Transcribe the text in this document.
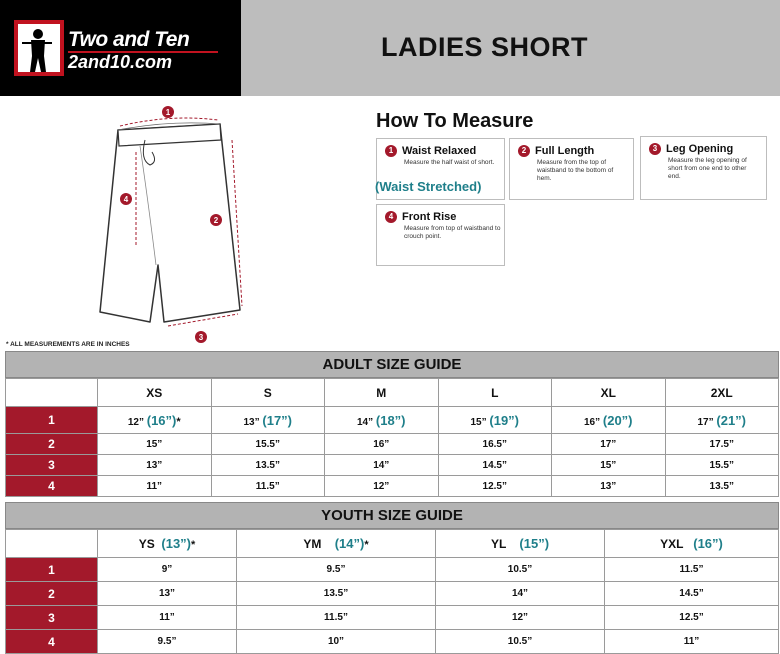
Two and Ten
2and10.com	LADIES SHORT
1
2
3
4
How To Measure
1 Waist Relaxed
Measure the half waist of short.
(Waist Stretched)
2 Full Length
Measure from the top of waistband to the bottom of hem.
3 Leg Opening
Measure the leg opening of short from one end to other end.
4 Front Rise
Measure from top of waistband to crouch point.
* ALL MEASUREMENTS ARE IN INCHES
ADULT SIZE GUIDE
	XS	S	M	L	XL	2XL
1	12” (16”)*	13” (17”)	14” (18”)	15” (19”)	16” (20”)	17” (21”)
2	15”	15.5”	16”	16.5”	17”	17.5”
3	13”	13.5”	14”	14.5”	15”	15.5”
4	11”	11.5”	12”	12.5”	13”	13.5”
YOUTH SIZE GUIDE
	YS (13”)*	YM (14”)*	YL (15”)	YXL (16”)
1	9”	9.5”	10.5”	11.5”
2	13”	13.5”	14”	14.5”
3	11”	11.5”	12”	12.5”
4	9.5”	10”	10.5”	11”
